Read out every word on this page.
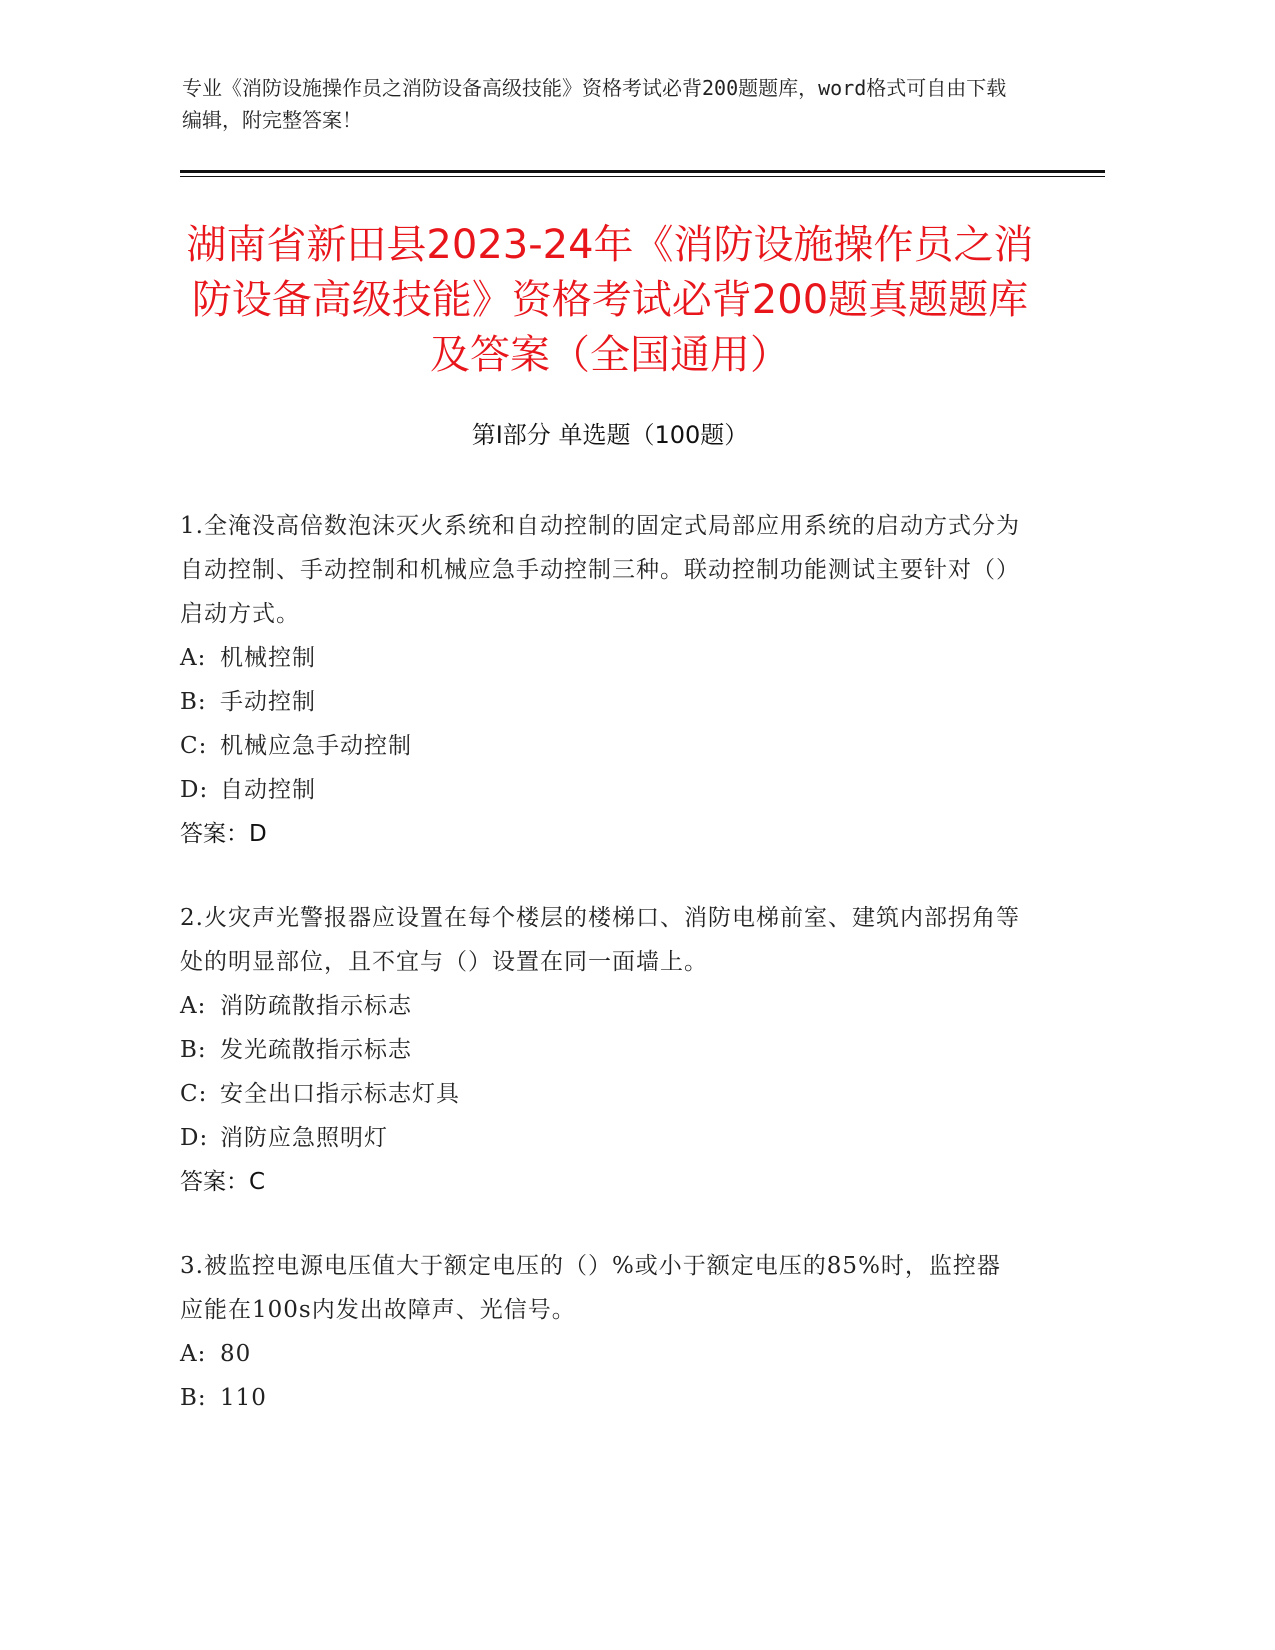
专业《消防设施操作员之消防设备高级技能》资格考试必背200题题库，word格式可自由下载编辑，附完整答案！
湖南省新田县2023-24年《消防设施操作员之消防设备高级技能》资格考试必背200题真题题库及答案（全国通用）
第Ⅰ部分 单选题（100题）
1.全淹没高倍数泡沫灭火系统和自动控制的固定式局部应用系统的启动方式分为自动控制、手动控制和机械应急手动控制三种。联动控制功能测试主要针对（）启动方式。
A: 机械控制
B: 手动控制
C: 机械应急手动控制
D: 自动控制
答案：D
2.火灾声光警报器应设置在每个楼层的楼梯口、消防电梯前室、建筑内部拐角等处的明显部位，且不宜与（）设置在同一面墙上。
A: 消防疏散指示标志
B: 发光疏散指示标志
C: 安全出口指示标志灯具
D: 消防应急照明灯
答案：C
3.被监控电源电压值大于额定电压的（）%或小于额定电压的85%时，监控器应能在100s内发出故障声、光信号。
A: 80
B: 110
